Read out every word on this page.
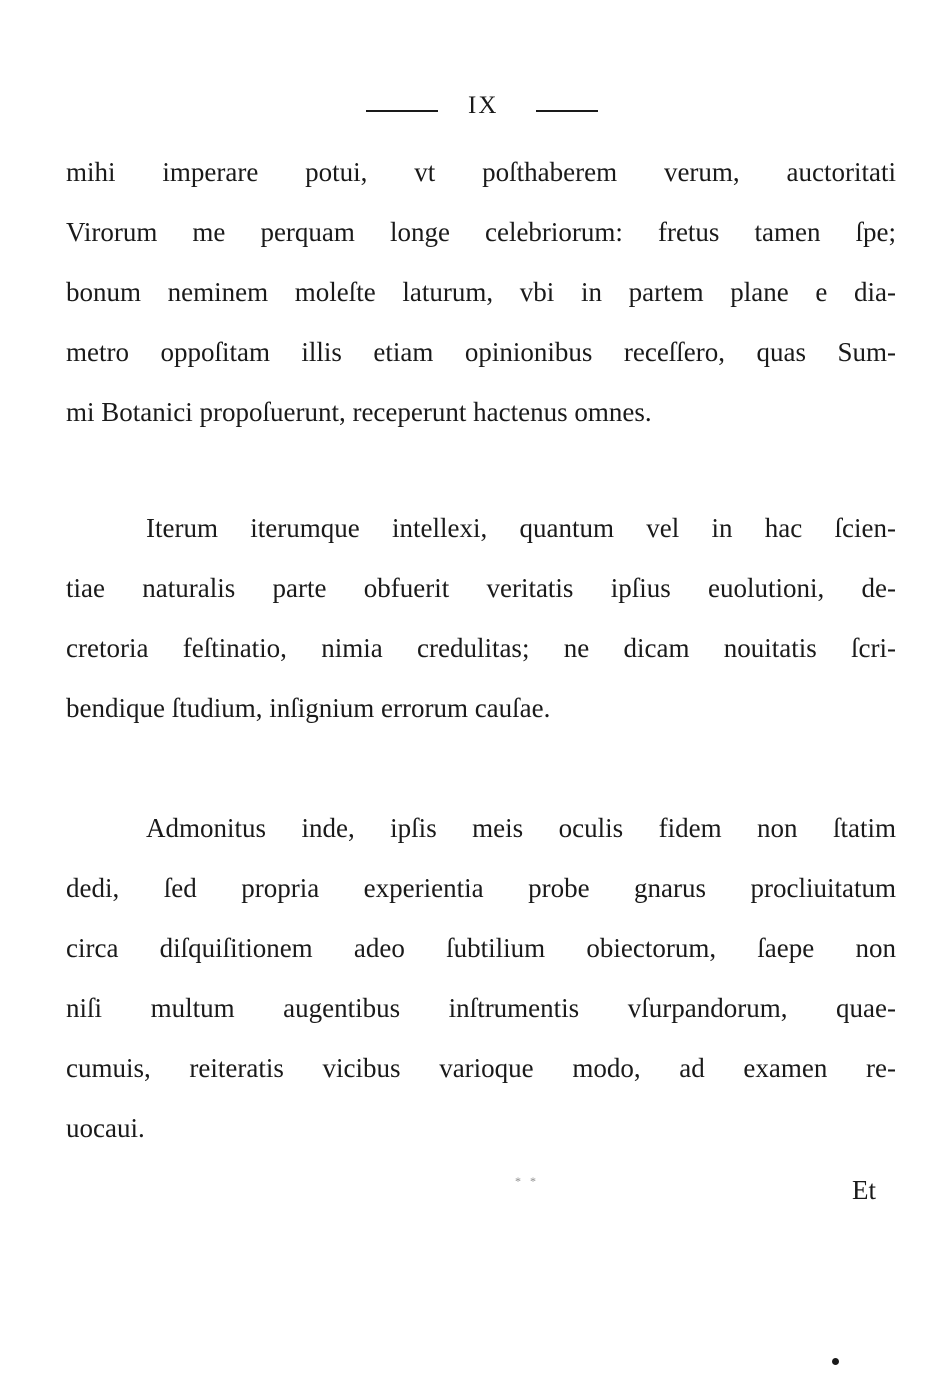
IX
mihi imperare potui, vt poſthaberem verum, auctoritati
Virorum me perquam longe celebriorum: fretus tamen ſpe;
bonum neminem moleſte laturum, vbi in partem plane e dia-
metro oppoſitam illis etiam opinionibus receſſero, quas Sum-
mi Botanici propoſuerunt, receperunt hactenus omnes.
Iterum iterumque intellexi, quantum vel in hac ſcien-
tiae naturalis parte obfuerit veritatis ipſius euolutioni, de-
cretoria feſtinatio, nimia credulitas; ne dicam nouitatis ſcri-
bendique ſtudium, inſignium errorum cauſae.
Admonitus inde, ipſis meis oculis fidem non ſtatim
dedi, ſed propria experientia probe gnarus procliuitatum
circa diſquiſitionem adeo ſubtilium obiectorum, ſaepe non
niſi multum augentibus inſtrumentis vſurpandorum, quae-
cumuis, reiteratis vicibus varioque modo, ad examen re-
uocaui.
* *	Et
